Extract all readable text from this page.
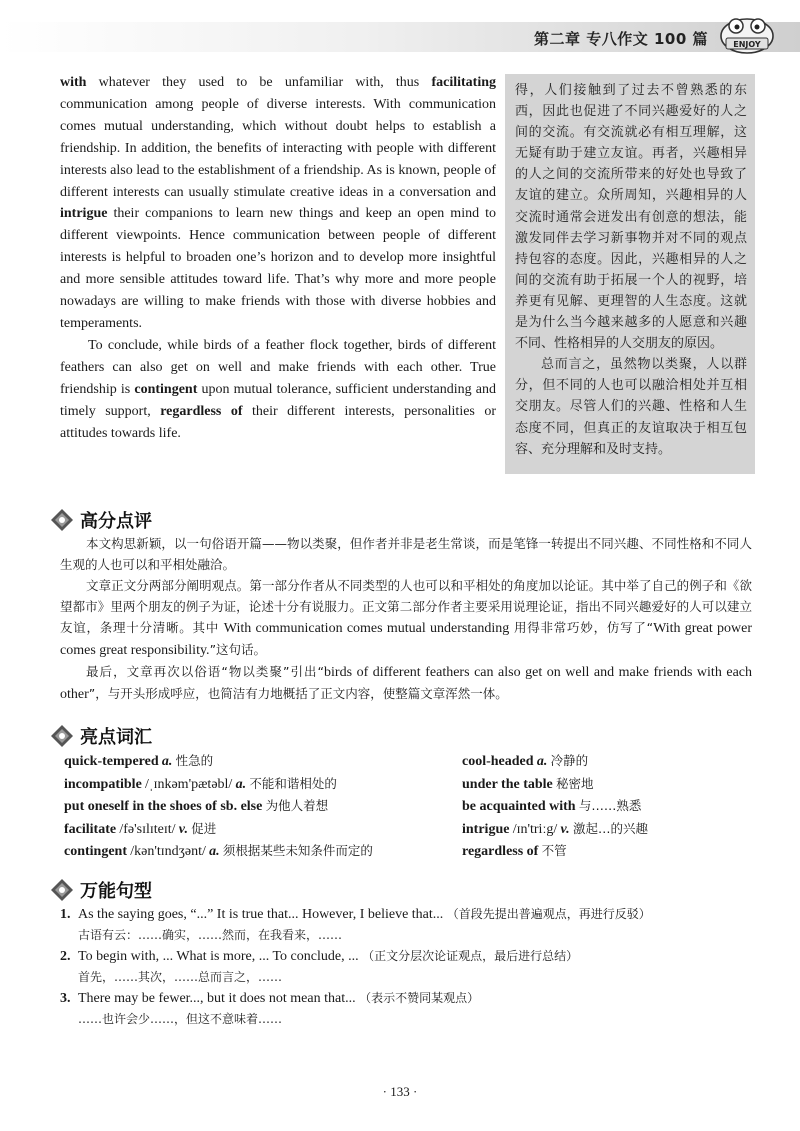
第二章 专八作文 100 篇	ENJOY

with whatever they used to be unfamiliar with, thus facilitating communication among people of diverse interests. With communication comes mutual understanding, which without doubt helps to establish a friendship. In addition, the benefits of interacting with people with different interests also lead to the establishment of a friendship. As is known, people of different interests can usually stimulate creative ideas in a conversation and intrigue their companions to learn new things and keep an open mind to different viewpoints. Hence communication between people of different interests is helpful to broaden one’s horizon and to develop more insightful and more sensible attitudes toward life. That’s why more and more people nowadays are willing to make friends with those with diverse hobbies and temperaments.

To conclude, while birds of a feather flock together, birds of different feathers can also get on well and make friends with each other. True friendship is contingent upon mutual tolerance, sufficient understanding and timely support, regardless of their different interests, personalities or attitudes towards life.

得，人们接触到了过去不曾熟悉的东西，因此也促进了不同兴趣爱好的人之间的交流。有交流就必有相互理解，这无疑有助于建立友谊。再者，兴趣相异的人之间的交流所带来的好处也导致了友谊的建立。众所周知，兴趣相异的人交流时通常会迸发出有创意的想法，能激发同伴去学习新事物并对不同的观点持包容的态度。因此，兴趣相异的人之间的交流有助于拓展一个人的视野，培养更有见解、更理智的人生态度。这就是为什么当今越来越多的人愿意和兴趣不同、性格相异的人交朋友的原因。

总而言之，虽然物以类聚，人以群分，但不同的人也可以融洽相处并互相交朋友。尽管人们的兴趣、性格和人生态度不同，但真正的友谊取决于相互包容、充分理解和及时支持。

高分点评

本文构思新颖，以一句俗语开篇——物以类聚，但作者并非是老生常谈，而是笔锋一转提出不同兴趣、不同性格和不同人生观的人也可以和平相处融洽。

文章正文分两部分阐明观点。第一部分作者从不同类型的人也可以和平相处的角度加以论证。其中举了自己的例子和《欲望都市》里两个朋友的例子为证，论述十分有说服力。正文第二部分作者主要采用说理论证，指出不同兴趣爱好的人可以建立友谊，条理十分清晰。其中 With communication comes mutual understanding 用得非常巧妙，仿写了“With great power comes great responsibility.”这句话。

最后，文章再次以俗语“物以类聚”引出“birds of different feathers can also get on well and make friends with each other”，与开头形成呼应，也简洁有力地概括了正文内容，使整篇文章浑然一体。

亮点词汇
quick-tempered a. 性急的
incompatible /ˌɪnkəm'pætəbl/ a. 不能和谐相处的
put oneself in the shoes of sb. else 为他人着想
facilitate /fə'sɪlɪteɪt/ v. 促进
contingent /kən'tɪndʒənt/ a. 须根据某些未知条件而定的
cool-headed a. 冷静的
under the table 秘密地
be acquainted with 与……熟悉
intrigue /ɪn'triːg/ v. 激起…的兴趣
regardless of 不管
万能句型
1. As the saying goes, “...” It is true that... However, I believe that... （首段先提出普遍观点，再进行反驳）
古语有云：……确实，……然而，在我看来，……
2. To begin with, ... What is more, ... To conclude, ... （正文分层次论证观点，最后进行总结）
首先，……其次，……总而言之，……
3. There may be fewer..., but it does not mean that... （表示不赞同某观点）
……也许会少……，但这不意味着……
· 133 ·
